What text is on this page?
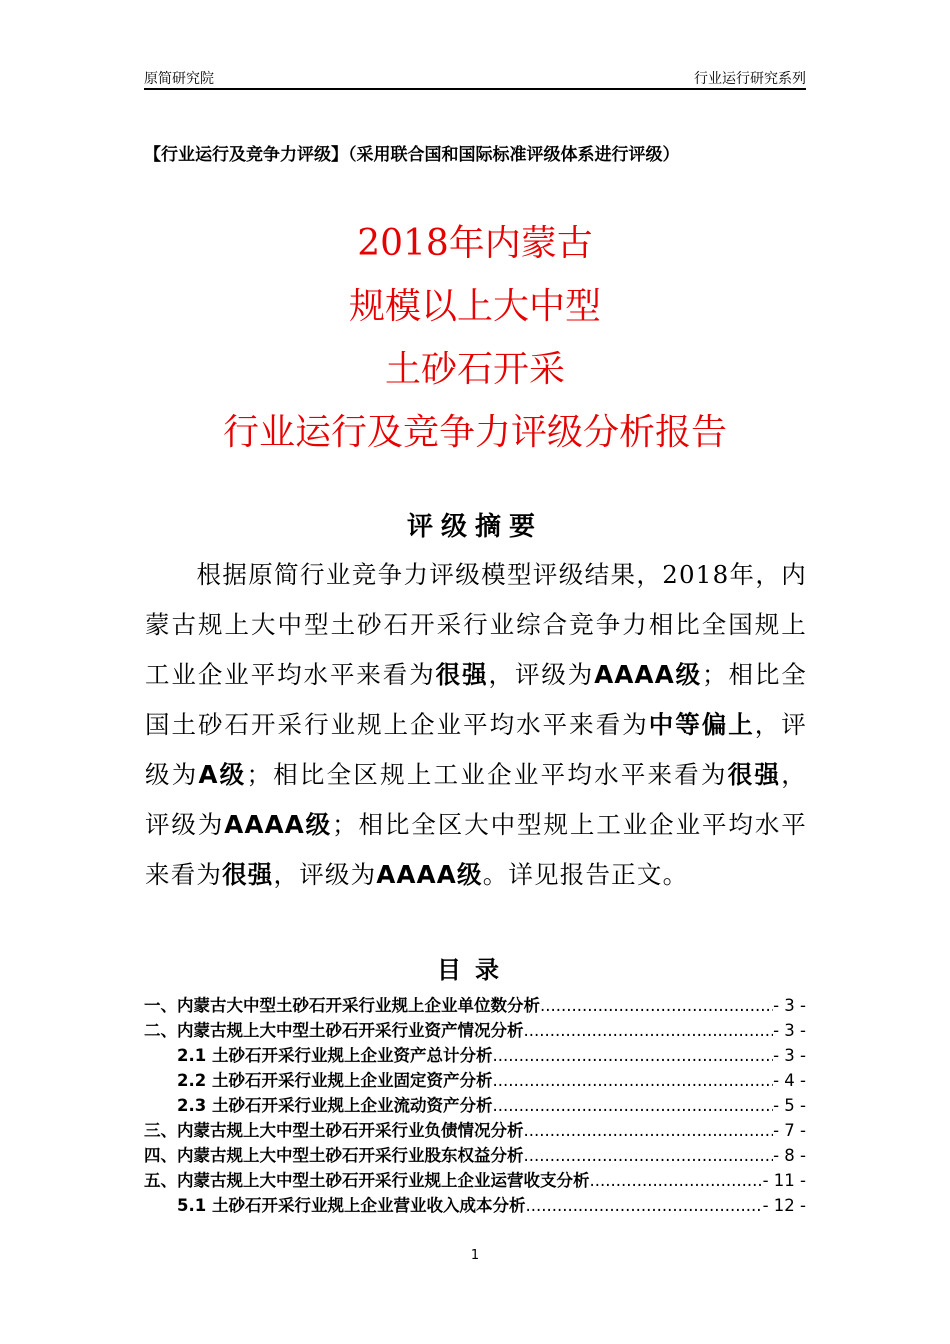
原简研究院	行业运行研究系列
【行业运行及竞争力评级】（采用联合国和国际标准评级体系进行评级）
2018年内蒙古
规模以上大中型
土砂石开采
行业运行及竞争力评级分析报告
评级摘要
根据原简行业竞争力评级模型评级结果，2018年，内蒙古规上大中型土砂石开采行业综合竞争力相比全国规上工业企业平均水平来看为很强，评级为AAAA级；相比全国土砂石开采行业规上企业平均水平来看为中等偏上，评级为A级；相比全区规上工业企业平均水平来看为很强，评级为AAAA级；相比全区大中型规上工业企业平均水平来看为很强，评级为AAAA级。详见报告正文。
目录
一、内蒙古大中型土砂石开采行业规上企业单位数分析 .....	- 3 -
二、内蒙古规上大中型土砂石开采行业资产情况分析 .....	- 3 -
2.1 土砂石开采行业规上企业资产总计分析 .....	- 3 -
2.2 土砂石开采行业规上企业固定资产分析 .....	- 4 -
2.3 土砂石开采行业规上企业流动资产分析 .....	- 5 -
三、内蒙古规上大中型土砂石开采行业负债情况分析 .....	- 7 -
四、内蒙古规上大中型土砂石开采行业股东权益分析 .....	- 8 -
五、内蒙古规上大中型土砂石开采行业规上企业运营收支分析 .....	- 11 -
5.1 土砂石开采行业规上企业营业收入成本分析 .....	- 12 -
1
